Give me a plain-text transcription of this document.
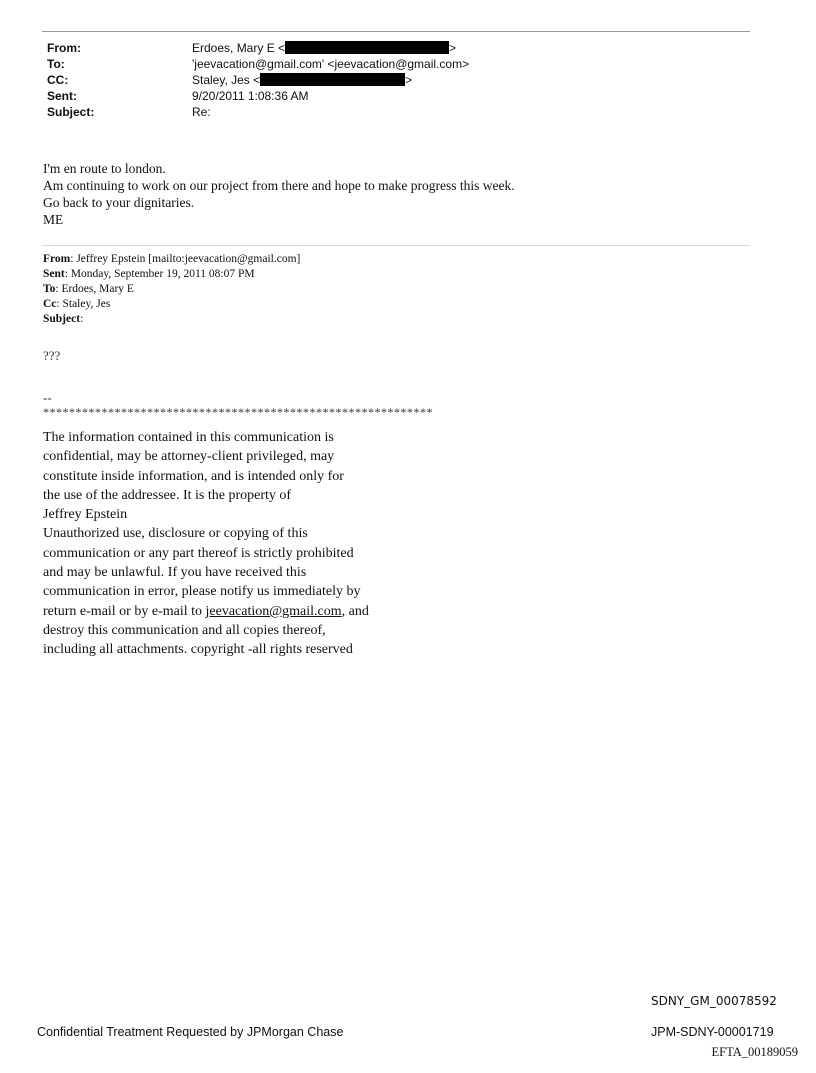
From:	Erdoes, Mary E <	>
To:	'jeevacation@gmail.com' <jeevacation@gmail.com>
CC:	Staley, Jes <	>
Sent:	9/20/2011 1:08:36 AM
Subject:	Re:
I'm en route to london.
Am continuing to work on our project from there and hope to make progress this week.
Go back to your dignitaries.
ME
From: Jeffrey Epstein [mailto:jeevacation@gmail.com]
Sent: Monday, September 19, 2011 08:07 PM
To: Erdoes, Mary E
Cc: Staley, Jes
Subject:
???
--
************************************************************
The information contained in this communication is
confidential, may be attorney-client privileged, may
constitute inside information, and is intended only for
the use of the addressee. It is the property of
Jeffrey Epstein
Unauthorized use, disclosure or copying of this
communication or any part thereof is strictly prohibited
and may be unlawful. If you have received this
communication in error, please notify us immediately by
return e-mail or by e-mail to jeevacation@gmail.com, and
destroy this communication and all copies thereof,
including all attachments. copyright -all rights reserved
SDNY_GM_00078592
Confidential Treatment Requested by JPMorgan Chase	JPM-SDNY-00001719
EFTA_00189059
